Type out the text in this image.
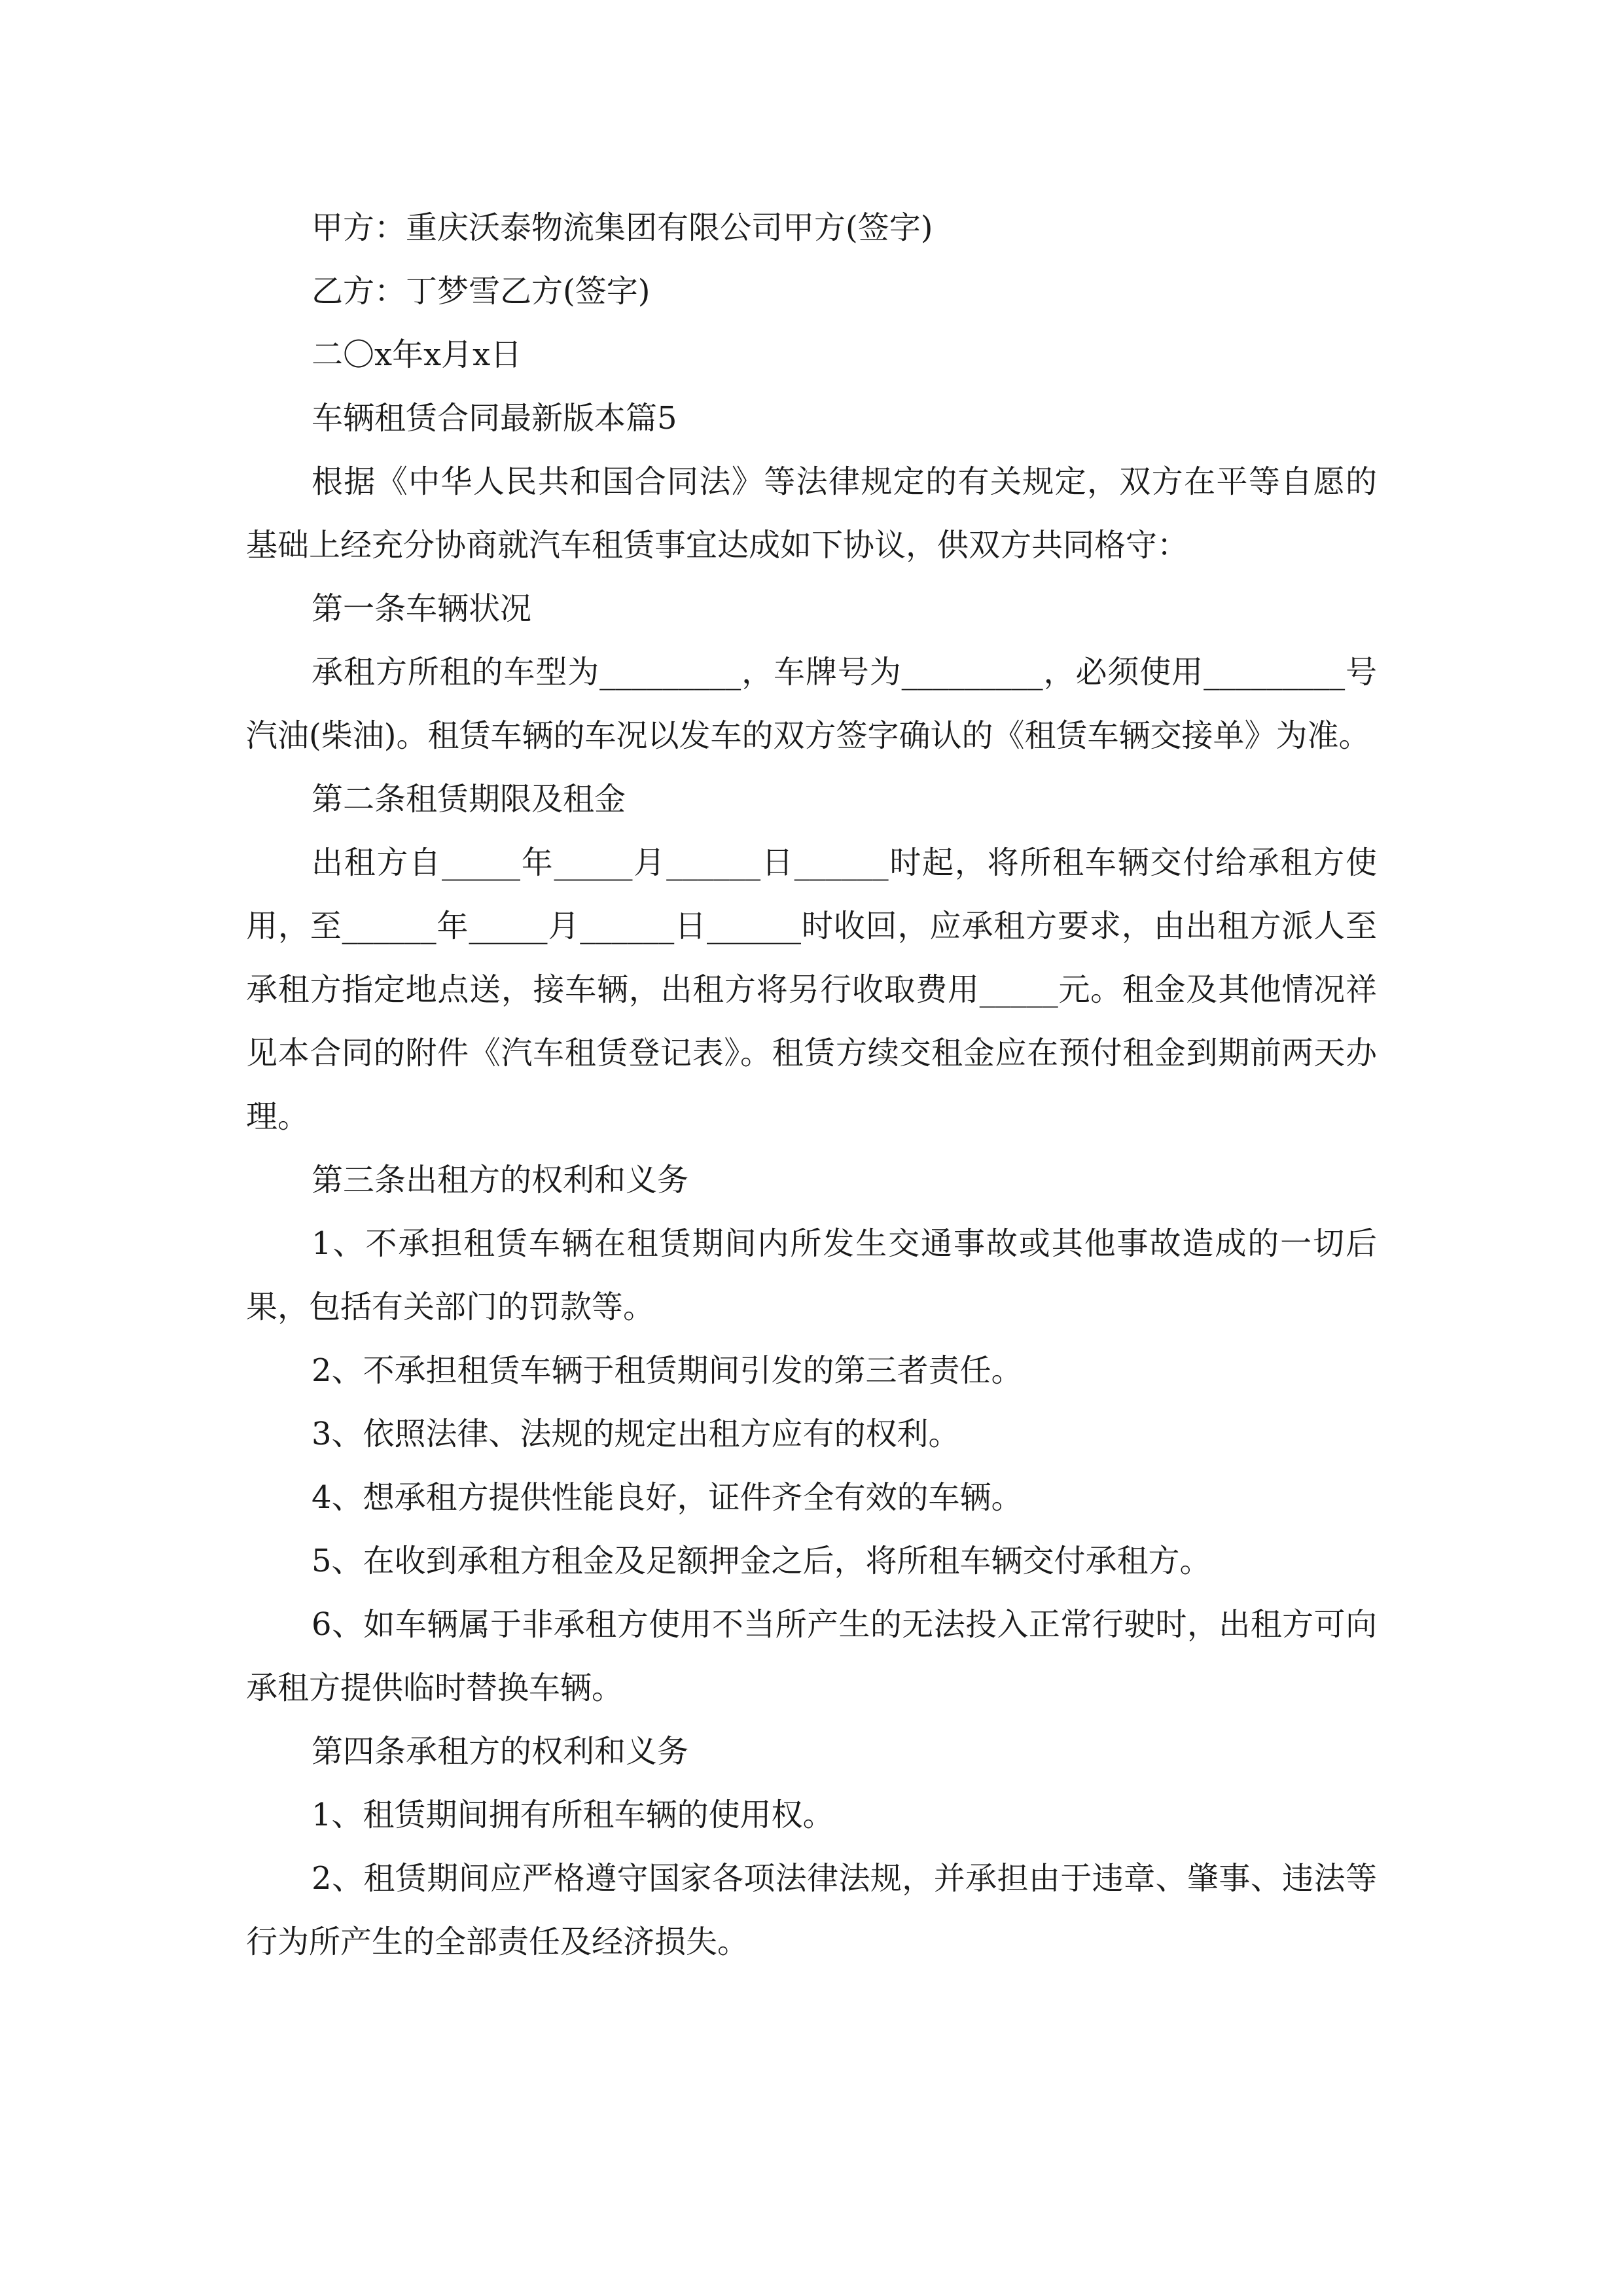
甲方：重庆沃泰物流集团有限公司甲方(签字)

乙方：丁梦雪乙方(签字)

二〇x年x月x日

车辆租赁合同最新版本篇5

根据《中华人民共和国合同法》等法律规定的有关规定，双方在平等自愿的基础上经充分协商就汽车租赁事宜达成如下协议，供双方共同格守：

第一条车辆状况

承租方所租的车型为_________，车牌号为_________，必须使用_________号汽油(柴油)。租赁车辆的车况以发车的双方签字确认的《租赁车辆交接单》为准。

第二条租赁期限及租金

出租方自_____年_____月______日______时起，将所租车辆交付给承租方使用，至______年_____月______日______时收回，应承租方要求，由出租方派人至承租方指定地点送，接车辆，出租方将另行收取费用_____元。租金及其他情况祥见本合同的附件《汽车租赁登记表》。租赁方续交租金应在预付租金到期前两天办理。

第三条出租方的权利和义务

1、不承担租赁车辆在租赁期间内所发生交通事故或其他事故造成的一切后果，包括有关部门的罚款等。

2、不承担租赁车辆于租赁期间引发的第三者责任。

3、依照法律、法规的规定出租方应有的权利。

4、想承租方提供性能良好，证件齐全有效的车辆。

5、在收到承租方租金及足额押金之后，将所租车辆交付承租方。

6、如车辆属于非承租方使用不当所产生的无法投入正常行驶时，出租方可向承租方提供临时替换车辆。

第四条承租方的权利和义务

1、租赁期间拥有所租车辆的使用权。

2、租赁期间应严格遵守国家各项法律法规，并承担由于违章、肇事、违法等行为所产生的全部责任及经济损失。
